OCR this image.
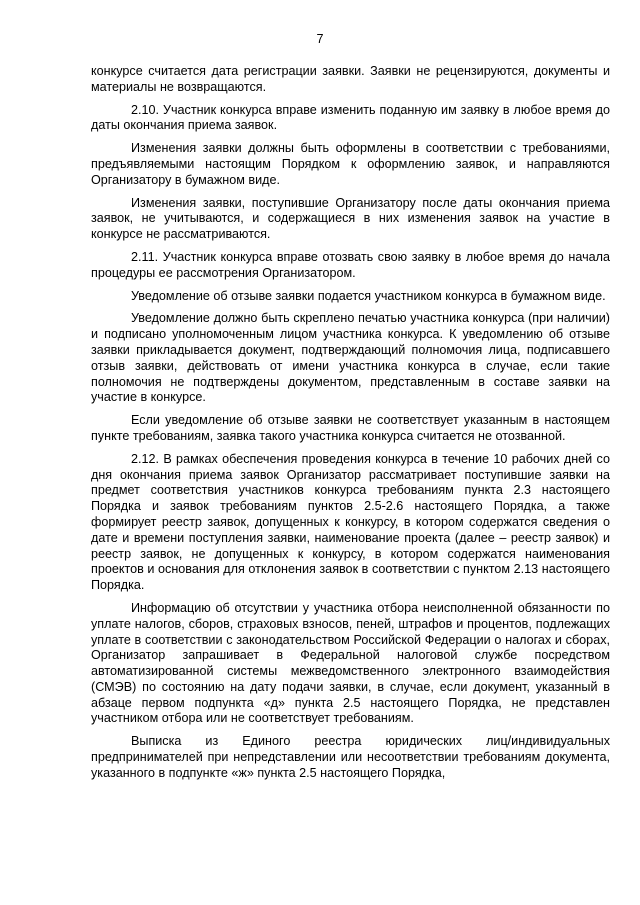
7

конкурсе считается дата регистрации заявки. Заявки не рецензируются, документы и материалы не возвращаются.

2.10. Участник конкурса вправе изменить поданную им заявку в любое время до даты окончания приема заявок.

Изменения заявки должны быть оформлены в соответствии с требованиями, предъявляемыми настоящим Порядком к оформлению заявок, и направляются Организатору в бумажном виде.

Изменения заявки, поступившие Организатору после даты окончания приема заявок, не учитываются, и содержащиеся в них изменения заявок на участие в конкурсе не рассматриваются.

2.11. Участник конкурса вправе отозвать свою заявку в любое время до начала процедуры ее рассмотрения Организатором.

Уведомление об отзыве заявки подается участником конкурса в бумажном виде.

Уведомление должно быть скреплено печатью участника конкурса (при наличии) и подписано уполномоченным лицом участника конкурса. К уведомлению об отзыве заявки прикладывается документ, подтверждающий полномочия лица, подписавшего отзыв заявки, действовать от имени участника конкурса в случае, если такие полномочия не подтверждены документом, представленным в составе заявки на участие в конкурсе.

Если уведомление об отзыве заявки не соответствует указанным в настоящем пункте требованиям, заявка такого участника конкурса считается не отозванной.

2.12. В рамках обеспечения проведения конкурса в течение 10 рабочих дней со дня окончания приема заявок Организатор рассматривает поступившие заявки на предмет соответствия участников конкурса требованиям пункта 2.3 настоящего Порядка и заявок требованиям пунктов 2.5-2.6 настоящего Порядка, а также формирует реестр заявок, допущенных к конкурсу, в котором содержатся сведения о дате и времени поступления заявки, наименование проекта (далее – реестр заявок) и реестр заявок, не допущенных к конкурсу, в котором содержатся наименования проектов и основания для отклонения заявок в соответствии с пунктом 2.13 настоящего Порядка.

Информацию об отсутствии у участника отбора неисполненной обязанности по уплате налогов, сборов, страховых взносов, пеней, штрафов и процентов, подлежащих уплате в соответствии с законодательством Российской Федерации о налогах и сборах, Организатор запрашивает в Федеральной налоговой службе посредством автоматизированной системы межведомственного электронного взаимодействия (СМЭВ) по состоянию на дату подачи заявки, в случае, если документ, указанный в абзаце первом подпункта «д» пункта 2.5 настоящего Порядка, не представлен участником отбора или не соответствует требованиям.

Выписка из Единого реестра юридических лиц/индивидуальных предпринимателей при непредставлении или несоответствии требованиям документа, указанного в подпункте «ж» пункта 2.5 настоящего Порядка,
